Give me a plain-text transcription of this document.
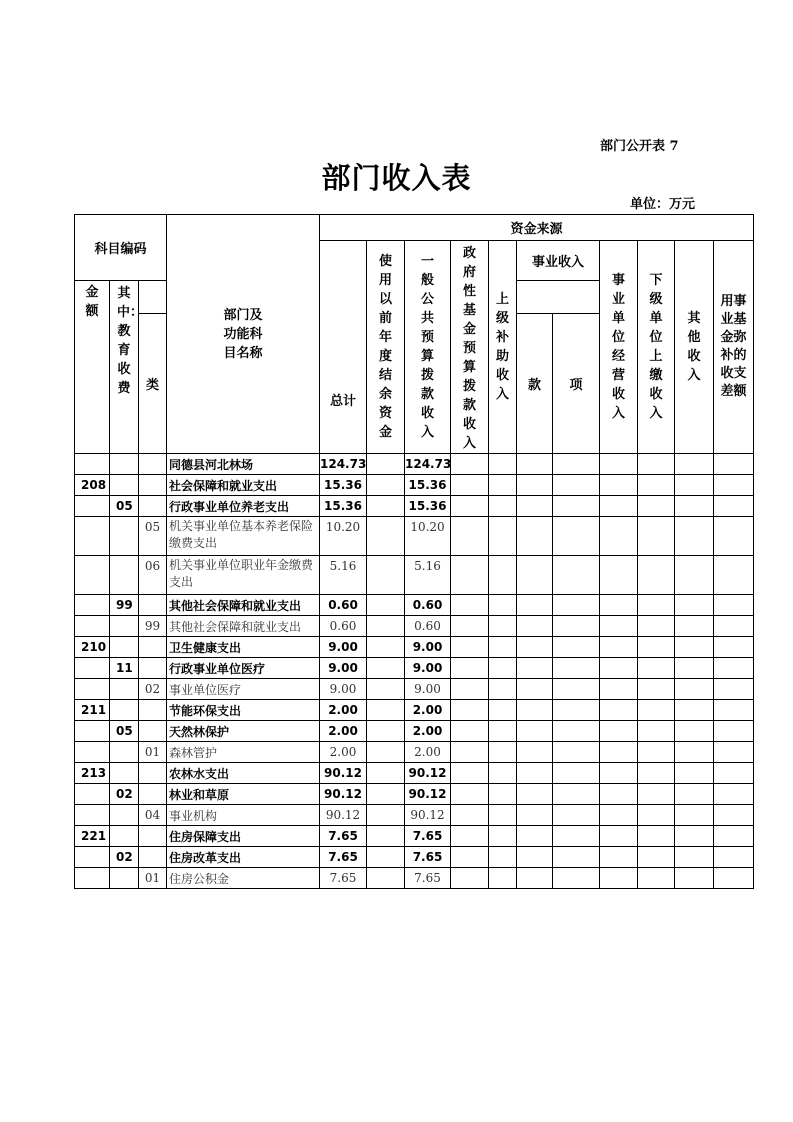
部门公开表 7
部门收入表
单位：万元
科目编码			部门及功能科目名称	资金来源										
				总计	使用以前年度结余资金	一般公共预算拨款收入	政府性基金预算拨款收入	上级补助收入	事业收入		事业单位经营收入	下级单位上缴收入	其他收入	用事业基金弥补的收支差额
金额	其中：教育收费													
		类							款	项				
			同德县河北林场	124.73		124.73								
208			社会保障和就业支出	15.36		15.36								
	05		行政事业单位养老支出	15.36		15.36								
		05	机关事业单位基本养老保险缴费支出	10.20		10.20								
		06	机关事业单位职业年金缴费支出	5.16		5.16								
	99		其他社会保障和就业支出	0.60		0.60								
		99	其他社会保障和就业支出	0.60		0.60								
210			卫生健康支出	9.00		9.00								
	11		行政事业单位医疗	9.00		9.00								
		02	事业单位医疗	9.00		9.00								
211			节能环保支出	2.00		2.00								
	05		天然林保护	2.00		2.00								
		01	森林管护	2.00		2.00								
213			农林水支出	90.12		90.12								
	02		林业和草原	90.12		90.12								
		04	事业机构	90.12		90.12								
221			住房保障支出	7.65		7.65								
	02		住房改革支出	7.65		7.65								
		01	住房公积金	7.65		7.65								
